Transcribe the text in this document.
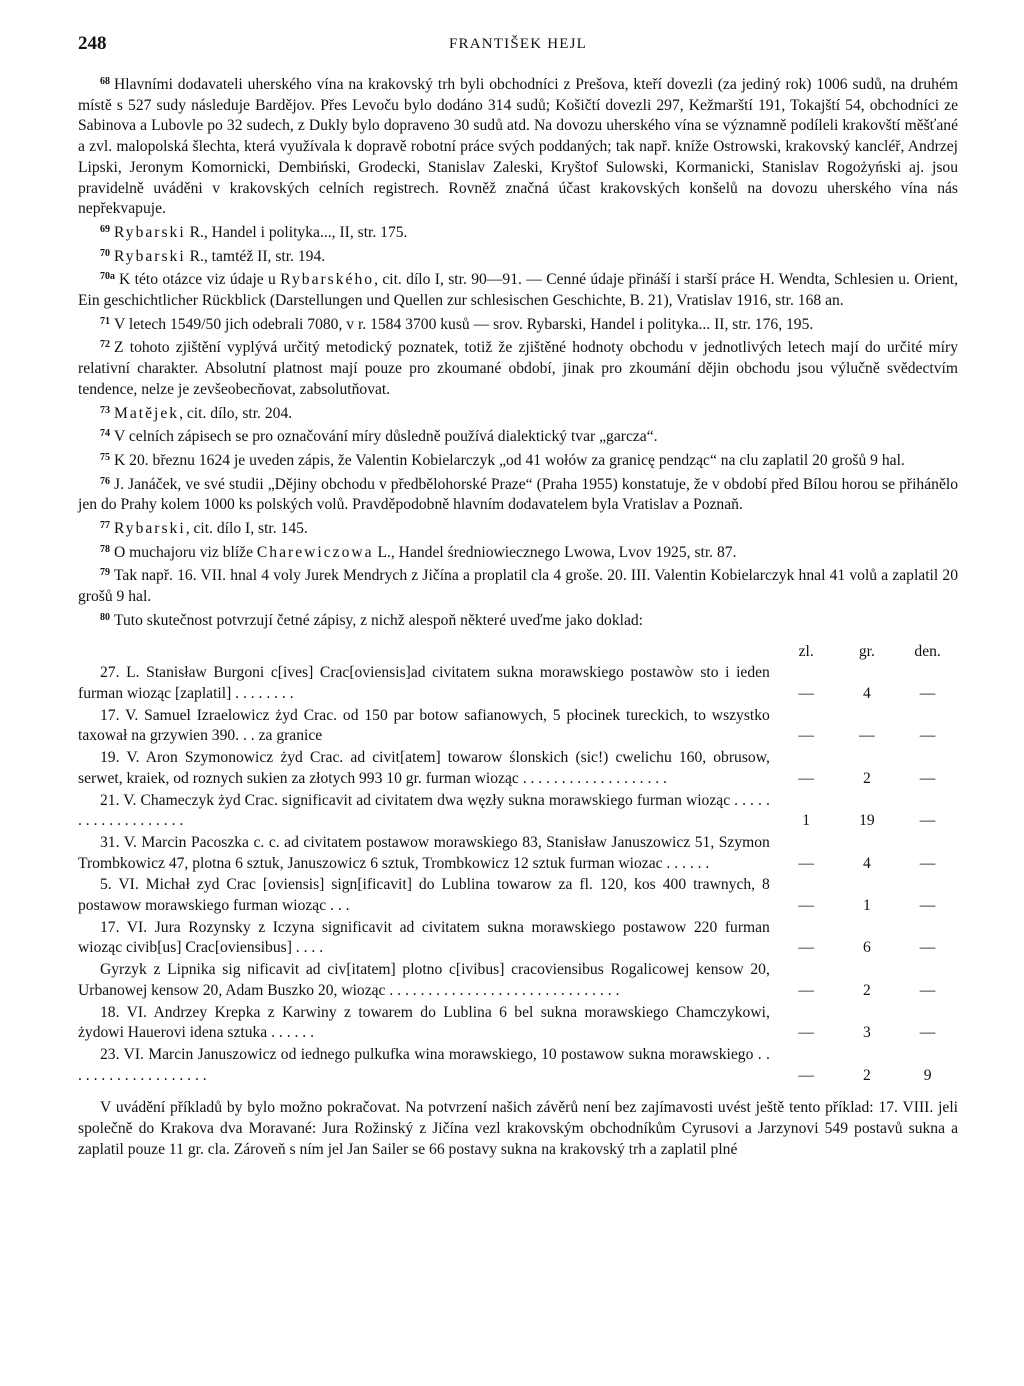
248	FRANTIŠEK HEJL

$^{68}$ Hlavními dodavateli uherského vína na krakovský trh byli obchodníci z Prešova, kteří dovezli (za jediný rok) 1006 sudů, na druhém místě s 527 sudy následuje Bardějov. Přes Levoču bylo dodáno 314 sudů; Košičtí dovezli 297, Kežmarští 191, Tokajští 54, obchodníci ze Sabinova a Lubovle po 32 sudech, z Dukly bylo dopraveno 30 sudů atd. Na dovozu uherského vína se významně podíleli krakovští měšťané a zvl. malopolská šlechta, která využívala k dopravě robotní práce svých poddaných; tak např. kníže Ostrowski, krakovský kancléř, Andrzej Lipski, Jeronym Komornicki, Dembiński, Grodecki, Stanislav Zaleski, Kryštof Sulowski, Kormanicki, Stanislav Rogożyński aj. jsou pravidelně uváděni v krakovských celních registrech. Rovněž značná účast krakovských konšelů na dovozu uherského vína nás nepřekvapuje.

$^{69}$ Rybarski R., Handel i polityka..., II, str. 175.

$^{70}$ Rybarski R., tamtéž II, str. 194.

$^{70a}$ K této otázce viz údaje u Rybarského, cit. dílo I, str. 90—91. — Cenné údaje přináší i starší práce H. Wendta, Schlesien u. Orient, Ein geschichtlicher Rückblick (Darstellungen und Quellen zur schlesischen Geschichte, B. 21), Vratislav 1916, str. 168 an.

$^{71}$ V letech 1549/50 jich odebrali 7080, v r. 1584 3700 kusů — srov. Rybarski, Handel i polityka... II, str. 176, 195.

$^{72}$ Z tohoto zjištění vyplývá určitý metodický poznatek, totiž že zjištěné hodnoty obchodu v jednotlivých letech mají do určité míry relativní charakter. Absolutní platnost mají pouze pro zkoumané období, jinak pro zkoumání dějin obchodu jsou výlučně svědectvím tendence, nelze je zevšeobecňovat, zabsolutňovat.

$^{73}$ Matějek, cit. dílo, str. 204.

$^{74}$ V celních zápisech se pro označování míry důsledně používá dialektický tvar „garcza“.

$^{75}$ K 20. březnu 1624 je uveden zápis, že Valentin Kobielarczyk „od 41 wołów za granicę pendząc“ na clu zaplatil 20 grošů 9 hal.

$^{76}$ J. Janáček, ve své studii „Dějiny obchodu v předbělohorské Praze“ (Praha 1955) konstatuje, že v období před Bílou horou se přihánělo jen do Prahy kolem 1000 ks polských volů. Pravděpodobně hlavním dodavatelem byla Vratislav a Poznaň.

$^{77}$ Rybarski, cit. dílo I, str. 145.

$^{78}$ O muchajoru viz blíže Charewiczowa L., Handel średniowiecznego Lwowa, Lvov 1925, str. 87.

$^{79}$ Tak např. 16. VII. hnal 4 voly Jurek Mendrych z Jičína a proplatil cla 4 groše. 20. III. Valentin Kobielarczyk hnal 41 volů a zaplatil 20 grošů 9 hal.

$^{80}$ Tuto skutečnost potvrzují četné zápisy, z nichž alespoň některé uveďme jako doklad:

	zl.	gr.	den.
27. L. Stanisław Burgoni c[ives] Crac[oviensis]ad civitatem sukna morawskiego postawòw sto i ieden furman wioząc [zaplatil] . . . . . . . .	—	4	—
17. V. Samuel Izraelowicz żyd Crac. od 150 par botow safianowych, 5 płocinek tureckich, to wszystko taxował na grzywien 390. . . za granice	—	—	—
19. V. Aron Szymonowicz żyd Crac. ad civit[atem] towarow ślonskich (sic!) cwelichu 160, obrusow, serwet, kraiek, od roznych sukien za złotych 993 10 gr. furman wioząc . . . . . . . . . . . . . . . . . . .	—	2	—
21. V. Chameczyk żyd Crac. significavit ad civitatem dwa węzły sukna morawskiego furman wioząc . . . . . . . . . . . . . . . . . . .	1	19	—
31. V. Marcin Pacoszka c. c. ad civitatem postawow morawskiego 83, Stanisław Januszowicz 51, Szymon Trombkowicz 47, plotna 6 sztuk, Januszowicz 6 sztuk, Trombkowicz 12 sztuk furman wiozac . . . . . .	—	4	—
5. VI. Michał zyd Crac [oviensis] sign[ificavit] do Lublina towarow za fl. 120, kos 400 trawnych, 8 postawow morawskiego furman wioząc . . .	—	1	—
17. VI. Jura Rozynsky z Iczyna significavit ad civitatem sukna morawskiego postawow 220 furman wioząc civib[us] Crac[oviensibus] . . . .	—	6	—
Gyrzyk z Lipnika sig nificavit ad civ[itatem] plotno c[ivibus] cracoviensibus Rogalicowej kensow 20, Urbanowej kensow 20, Adam Buszko 20, wioząc . . . . . . . . . . . . . . . . . . . . . . . . . . . . . .	—	2	—
18. VI. Andrzey Krepka z Karwiny z towarem do Lublina 6 bel sukna morawskiego Chamczykowi, żydowi Hauerovi idena sztuka . . . . . .	—	3	—
23. VI. Marcin Januszowicz od iednego pulkufka wina morawskiego, 10 postawow sukna morawskiego . . . . . . . . . . . . . . . . . . .	—	2	9

V uvádění příkladů by bylo možno pokračovat. Na potvrzení našich závěrů není bez zajímavosti uvést ještě tento příklad: 17. VIII. jeli společně do Krakova dva Moravané: Jura Rožinský z Jičína vezl krakovským obchodníkům Cyrusovi a Jarzynovi 549 postavů sukna a zaplatil pouze 11 gr. cla. Zároveň s ním jel Jan Sailer se 66 postavy sukna na krakovský trh a zaplatil plné
